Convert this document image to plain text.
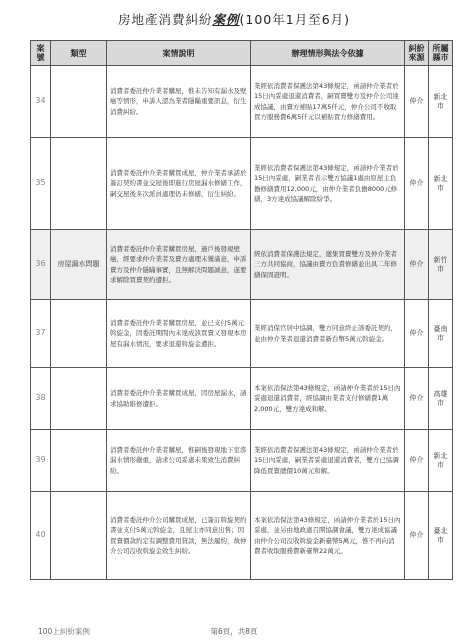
房地產消費糾紛案例(100年1月至6月)
案號	類型	案情說明	辦理情形與法令依據	糾紛來源	所屬縣市
34		消費者委託仲介業者購屋，惟未告知有漏水及壁癌等情形，申訴人認為業者隱瞞重要訊息，衍生消費糾紛。	業經依消費者保護法第43條規定，函請仲介業者於15日內妥處退還消費者，嗣買賣雙方及仲介公司達成協議，由賣方補貼17萬5仟元，仲介公司不收取買方服務費6萬5仟元以補貼買方修繕費用。	仲介	新北市
35		消費者委託仲介業者購買成屋，仲介業者承諾於簽訂契約書並交屋後即進行房屋漏水修繕工作，嗣交屋後多次派員處理仍未修繕，衍生糾紛。	業經依消費者保護法第43條規定，函請仲介業者於15日內妥處，嗣業者表示雙方協議1處由原屋主負擔修繕費用12,000元，由仲介業者負擔8000元修繕，3方達成協議解除紛爭。	仲介	新北市
36	房屋漏水問題	消費者委託仲介業者購買房屋，過戶後發現壁癌，經要求仲介業者及賣方處理未獲滿意，申訴賣方及仲介隱瞞事實，且無解決問題誠意，遂要求解除買賣契約遭拒。	經依消費者保護法規定，邀集買賣雙方及仲介業者三方共同協商，協議由賣方負責修繕並出具二年修繕保固證明。	仲介	新竹市
37		消費者委託仲介業者購買房屋，並已支付5萬元斡旋金，因委託期間內未達成該買賣又發現本房屋有漏水情況，要求退還斡旋金遭拒。	業經消保官居中協調，雙方同意終止該委託契約，並由仲介業者退還消費者新台幣5萬元斡旋金。	仲介	臺南市
38		消費者委託仲介業者購買成屋，因房屋漏水，請求協助維修遭拒。	本案依消保法第43條規定，函請仲介業者於15日內妥處退還消費者，經協調由業者支付修繕費1萬2,000元，雙方達成和解。	仲介	高雄市
39		消費者委託仲介業者購屋，惟嗣後發現地下室滲漏水情形嚴重，請求公司妥處未果致生消費糾紛。	業經依消費者保護法第43條規定，函請仲介業者於15日內妥處，嗣業者妥處退還消費者，雙方已協調降低買賣總價10萬元和解。	仲介	新北市
40		消費者委託仲介公司購買成屋，已簽訂斡旋契約書並支付5萬元斡旋金，且屋主亦同意出售；因買賣價款約定有調整費用貸款，無法履約，故仲介公司沒收斡旋金致生糾紛。	本案依消保法第43條規定，函請仲介業者於15日內妥處，並另由地政處召開協調會議，雙方達成協議由仲介公司沒收斡旋金新臺幣5萬元，惟不再向消費者收取服務費新臺幣22萬元。	仲介	臺北市
100上糾紛案例	第6頁，共8頁
